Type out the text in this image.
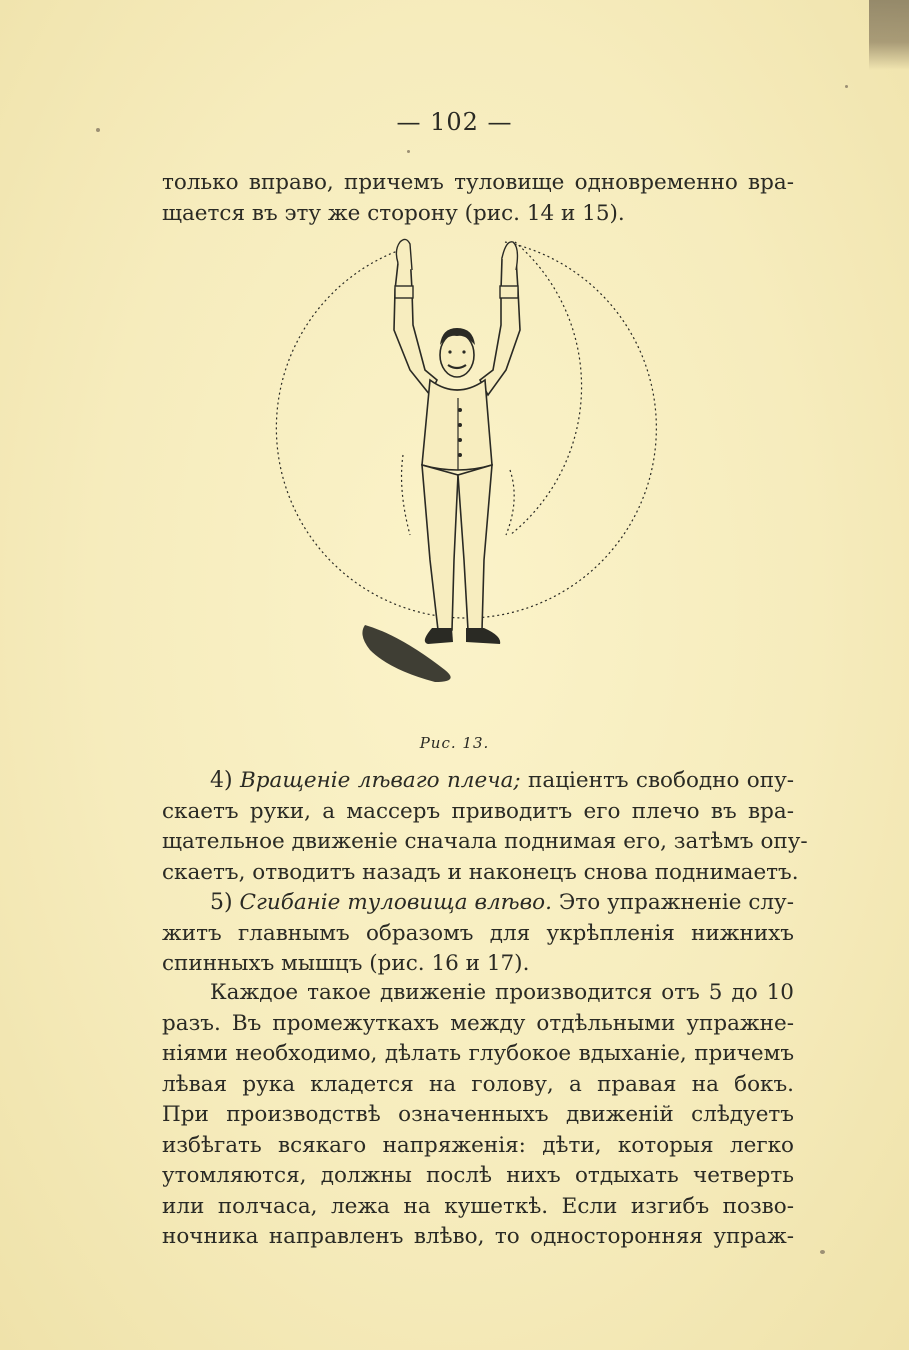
— 102 —
только вправо, причемъ туловище одновременно вра-
щается въ эту же сторону (рис. 14 и 15).
Рис. 13.
4) Вращеніе лѣваго плеча; паціентъ свободно опу-
скаетъ руки, а массеръ приводитъ его плечо въ вра-
щательное движеніе сначала поднимая его, затѣмъ опу-
скаетъ, отводитъ назадъ и наконецъ снова поднимаетъ.
5) Сгибаніе туловища влѣво. Это упражненіе слу-
житъ главнымъ образомъ для укрѣпленія нижнихъ
спинныхъ мышцъ (рис. 16 и 17).
Каждое такое движеніе производится отъ 5 до 10
разъ. Въ промежуткахъ между отдѣльными упражне-
ніями необходимо, дѣлать глубокое вдыханіе, причемъ
лѣвая рука кладется на голову, а правая на бокъ.
При производствѣ означенныхъ движеній слѣдуетъ
избѣгать всякаго напряженія: дѣти, которыя легко
утомляются, должны послѣ нихъ отдыхать четверть
или полчаса, лежа на кушеткѣ. Если изгибъ позво-
ночника направленъ влѣво, то односторонняя упраж-
